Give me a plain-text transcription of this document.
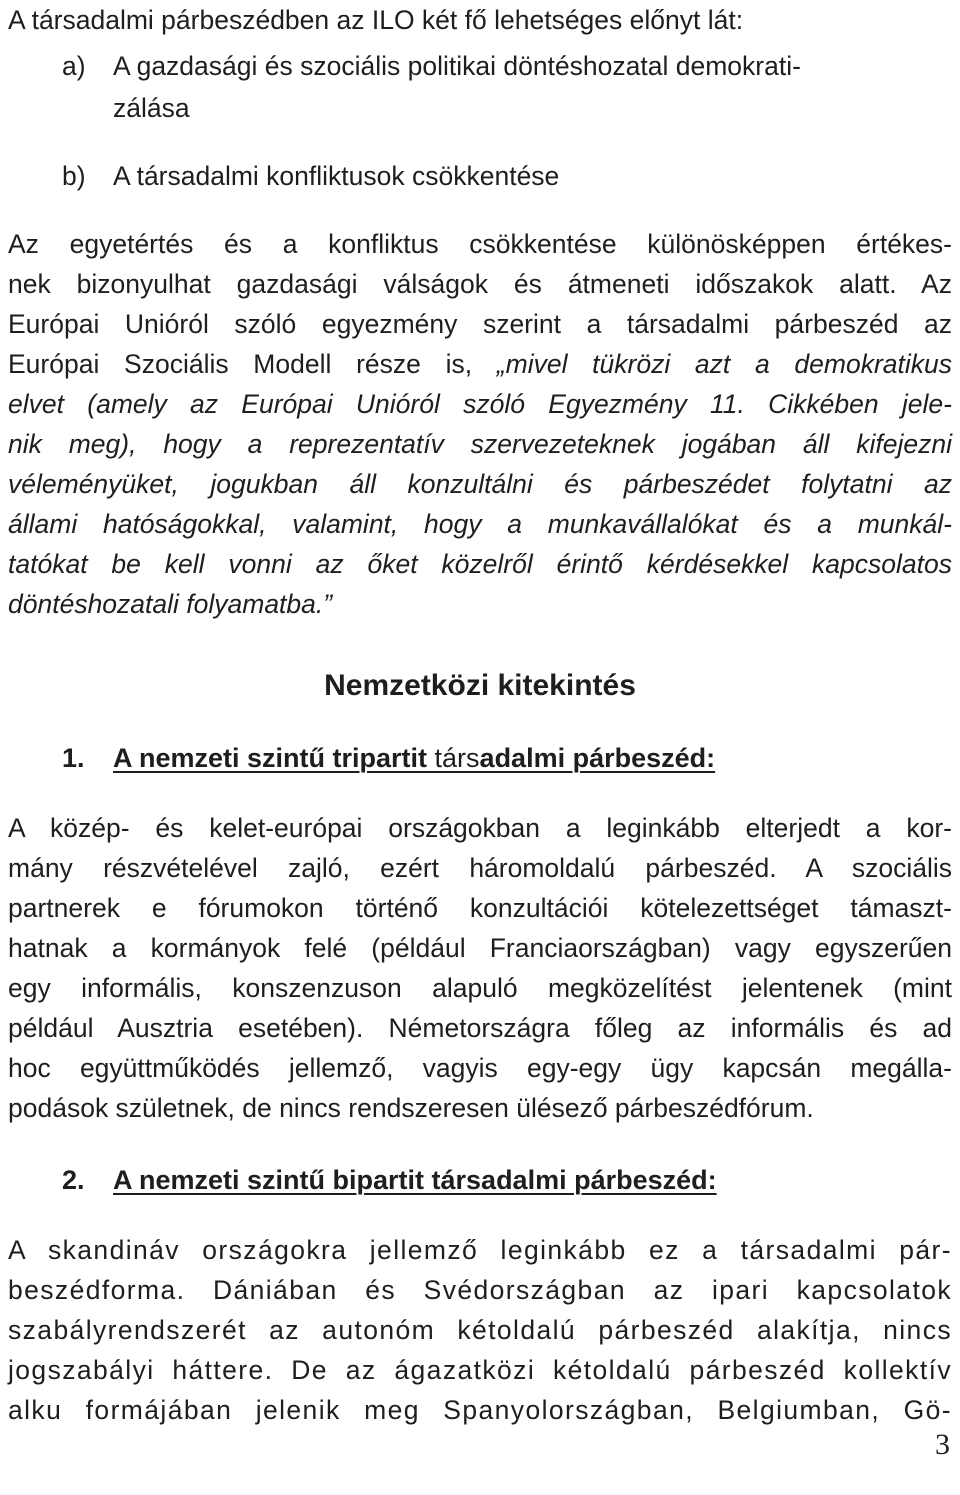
A társadalmi párbeszédben az ILO két fő lehetséges előnyt lát:
a) A gazdasági és szociális politikai döntéshozatal demokrati-
zálása
b) A társadalmi konfliktusok csökkentése
Az egyetértés és a konfliktus csökkentése különösképpen értékes-
nek bizonyulhat gazdasági válságok és átmeneti időszakok alatt. Az
Európai Unióról szóló egyezmény szerint a társadalmi párbeszéd az
Európai Szociális Modell része is, „mivel tükrözi azt a demokratikus
elvet (amely az Európai Unióról szóló Egyezmény 11. Cikkében jele-
nik meg), hogy a reprezentatív szervezeteknek jogában áll kifejezni
véleményüket, jogukban áll konzultálni és párbeszédet folytatni az
állami hatóságokkal, valamint, hogy a munkavállalókat és a munkál-
tatókat be kell vonni az őket közelről érintő kérdésekkel kapcsolatos
döntéshozatali folyamatba.”
Nemzetközi kitekintés
1. A nemzeti szintű tripartit társadalmi párbeszéd:
A közép- és kelet-európai országokban a leginkább elterjedt a kor-
mány részvételével zajló, ezért háromoldalú párbeszéd. A szociális
partnerek e fórumokon történő konzultációi kötelezettséget támaszt-
hatnak a kormányok felé (például Franciaországban) vagy egyszerűen
egy informális, konszenzuson alapuló megközelítést jelentenek (mint
például Ausztria esetében). Németországra főleg az informális és ad
hoc együttműködés jellemző, vagyis egy-egy ügy kapcsán megálla-
podások születnek, de nincs rendszeresen ülésező párbeszédfórum.
2. A nemzeti szintű bipartit társadalmi párbeszéd:
A skandináv országokra jellemző leginkább ez a társadalmi pár-
beszédforma. Dániában és Svédországban az ipari kapcsolatok
szabályrendszerét az autonóm kétoldalú párbeszéd alakítja, nincs
jogszabályi háttere. De az ágazatközi kétoldalú párbeszéd kollektív
alku formájában jelenik meg Spanyolországban, Belgiumban, Gö-
3
